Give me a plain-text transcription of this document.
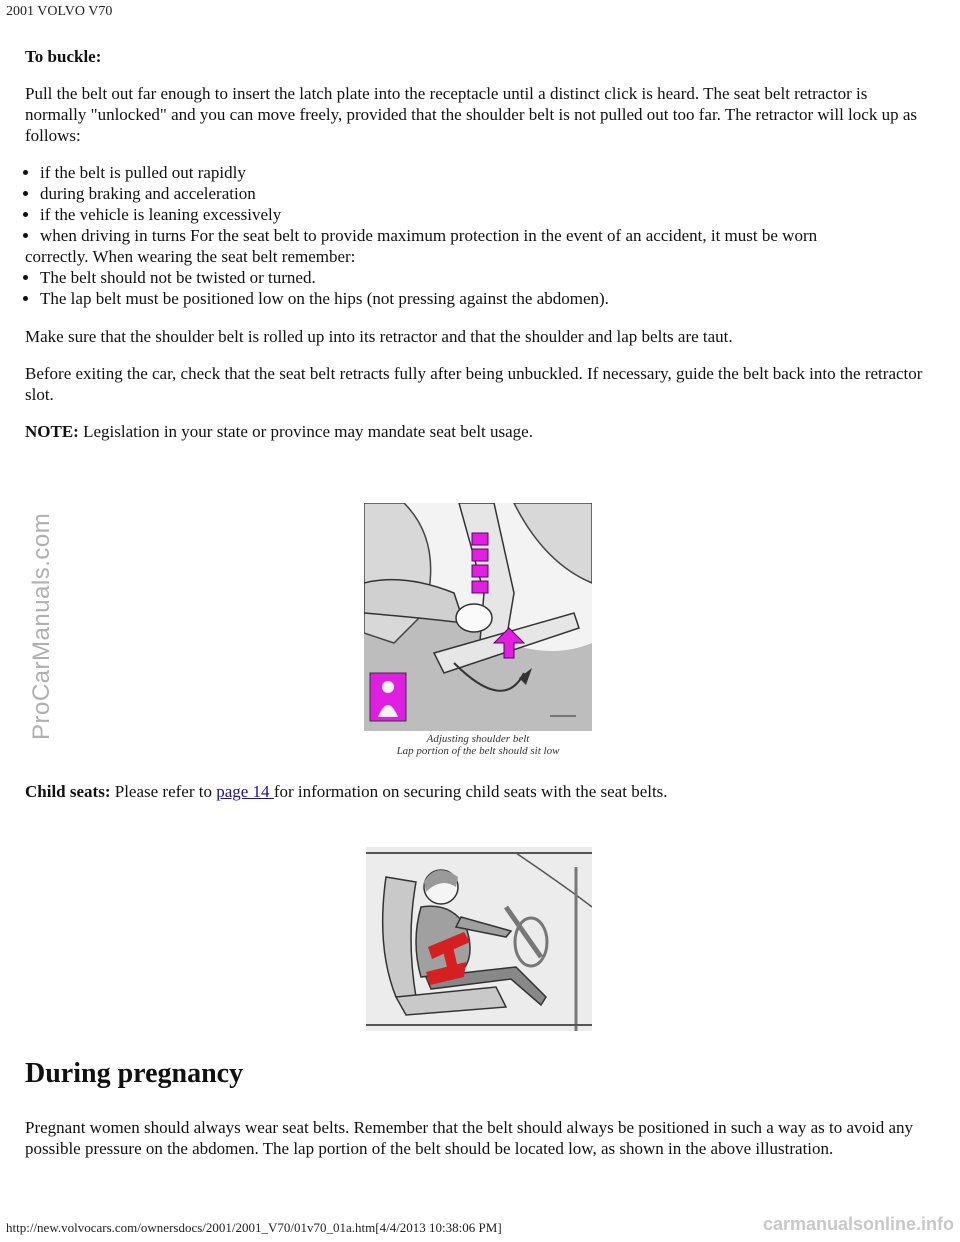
2001 VOLVO V70
ProCarManuals.com

To buckle:

Pull the belt out far enough to insert the latch plate into the receptacle until a distinct click is heard. The seat belt retractor is normally "unlocked" and you can move freely, provided that the shoulder belt is not pulled out too far. The retractor will lock up as follows:

• if the belt is pulled out rapidly
• during braking and acceleration
• if the vehicle is leaning excessively
• when driving in turns For the seat belt to provide maximum protection in the event of an accident, it must be worn
correctly. When wearing the seat belt remember:
• The belt should not be twisted or turned.
• The lap belt must be positioned low on the hips (not pressing against the abdomen).

Make sure that the shoulder belt is rolled up into its retractor and that the shoulder and lap belts are taut.

Before exiting the car, check that the seat belt retracts fully after being unbuckled. If necessary, guide the belt back into the retractor slot.

NOTE: Legislation in your state or province may mandate seat belt usage.

Adjusting shoulder belt
Lap portion of the belt should sit low
Child seats: Please refer to page 14 for information on securing child seats with the seat belts.
During pregnancy
Pregnant women should always wear seat belts. Remember that the belt should always be positioned in such a way as to avoid any possible pressure on the abdomen. The lap portion of the belt should be located low, as shown in the above illustration.
http://new.volvocars.com/ownersdocs/2001/2001_V70/01v70_01a.htm[4/4/2013 10:38:06 PM]	carmanualsonline.info
